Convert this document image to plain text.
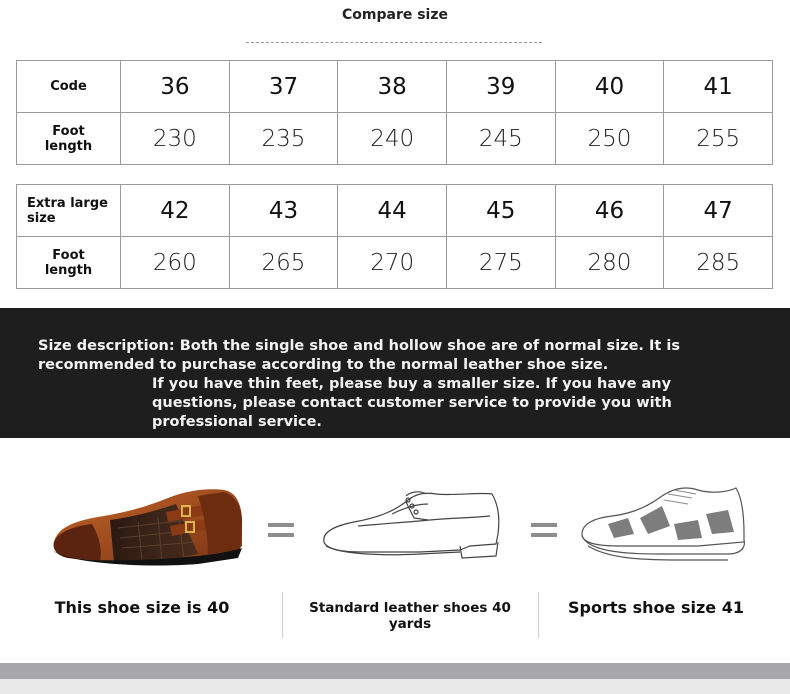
Compare size
Code	36	37	38	39	40	41

Foot
length	230	235	240	245	250	255
Extra large
size	42	43	44	45	46	47

Foot
length	260	265	270	275	280	285
Size description: Both the single shoe and hollow shoe are of normal size. It is recommended to purchase according to the normal leather shoe size.
If you have thin feet, please buy a smaller size. If you have any questions, please contact customer service to provide you with professional service.
This shoe size is 40	Standard leather shoes 40 yards
Sports shoe size 41
